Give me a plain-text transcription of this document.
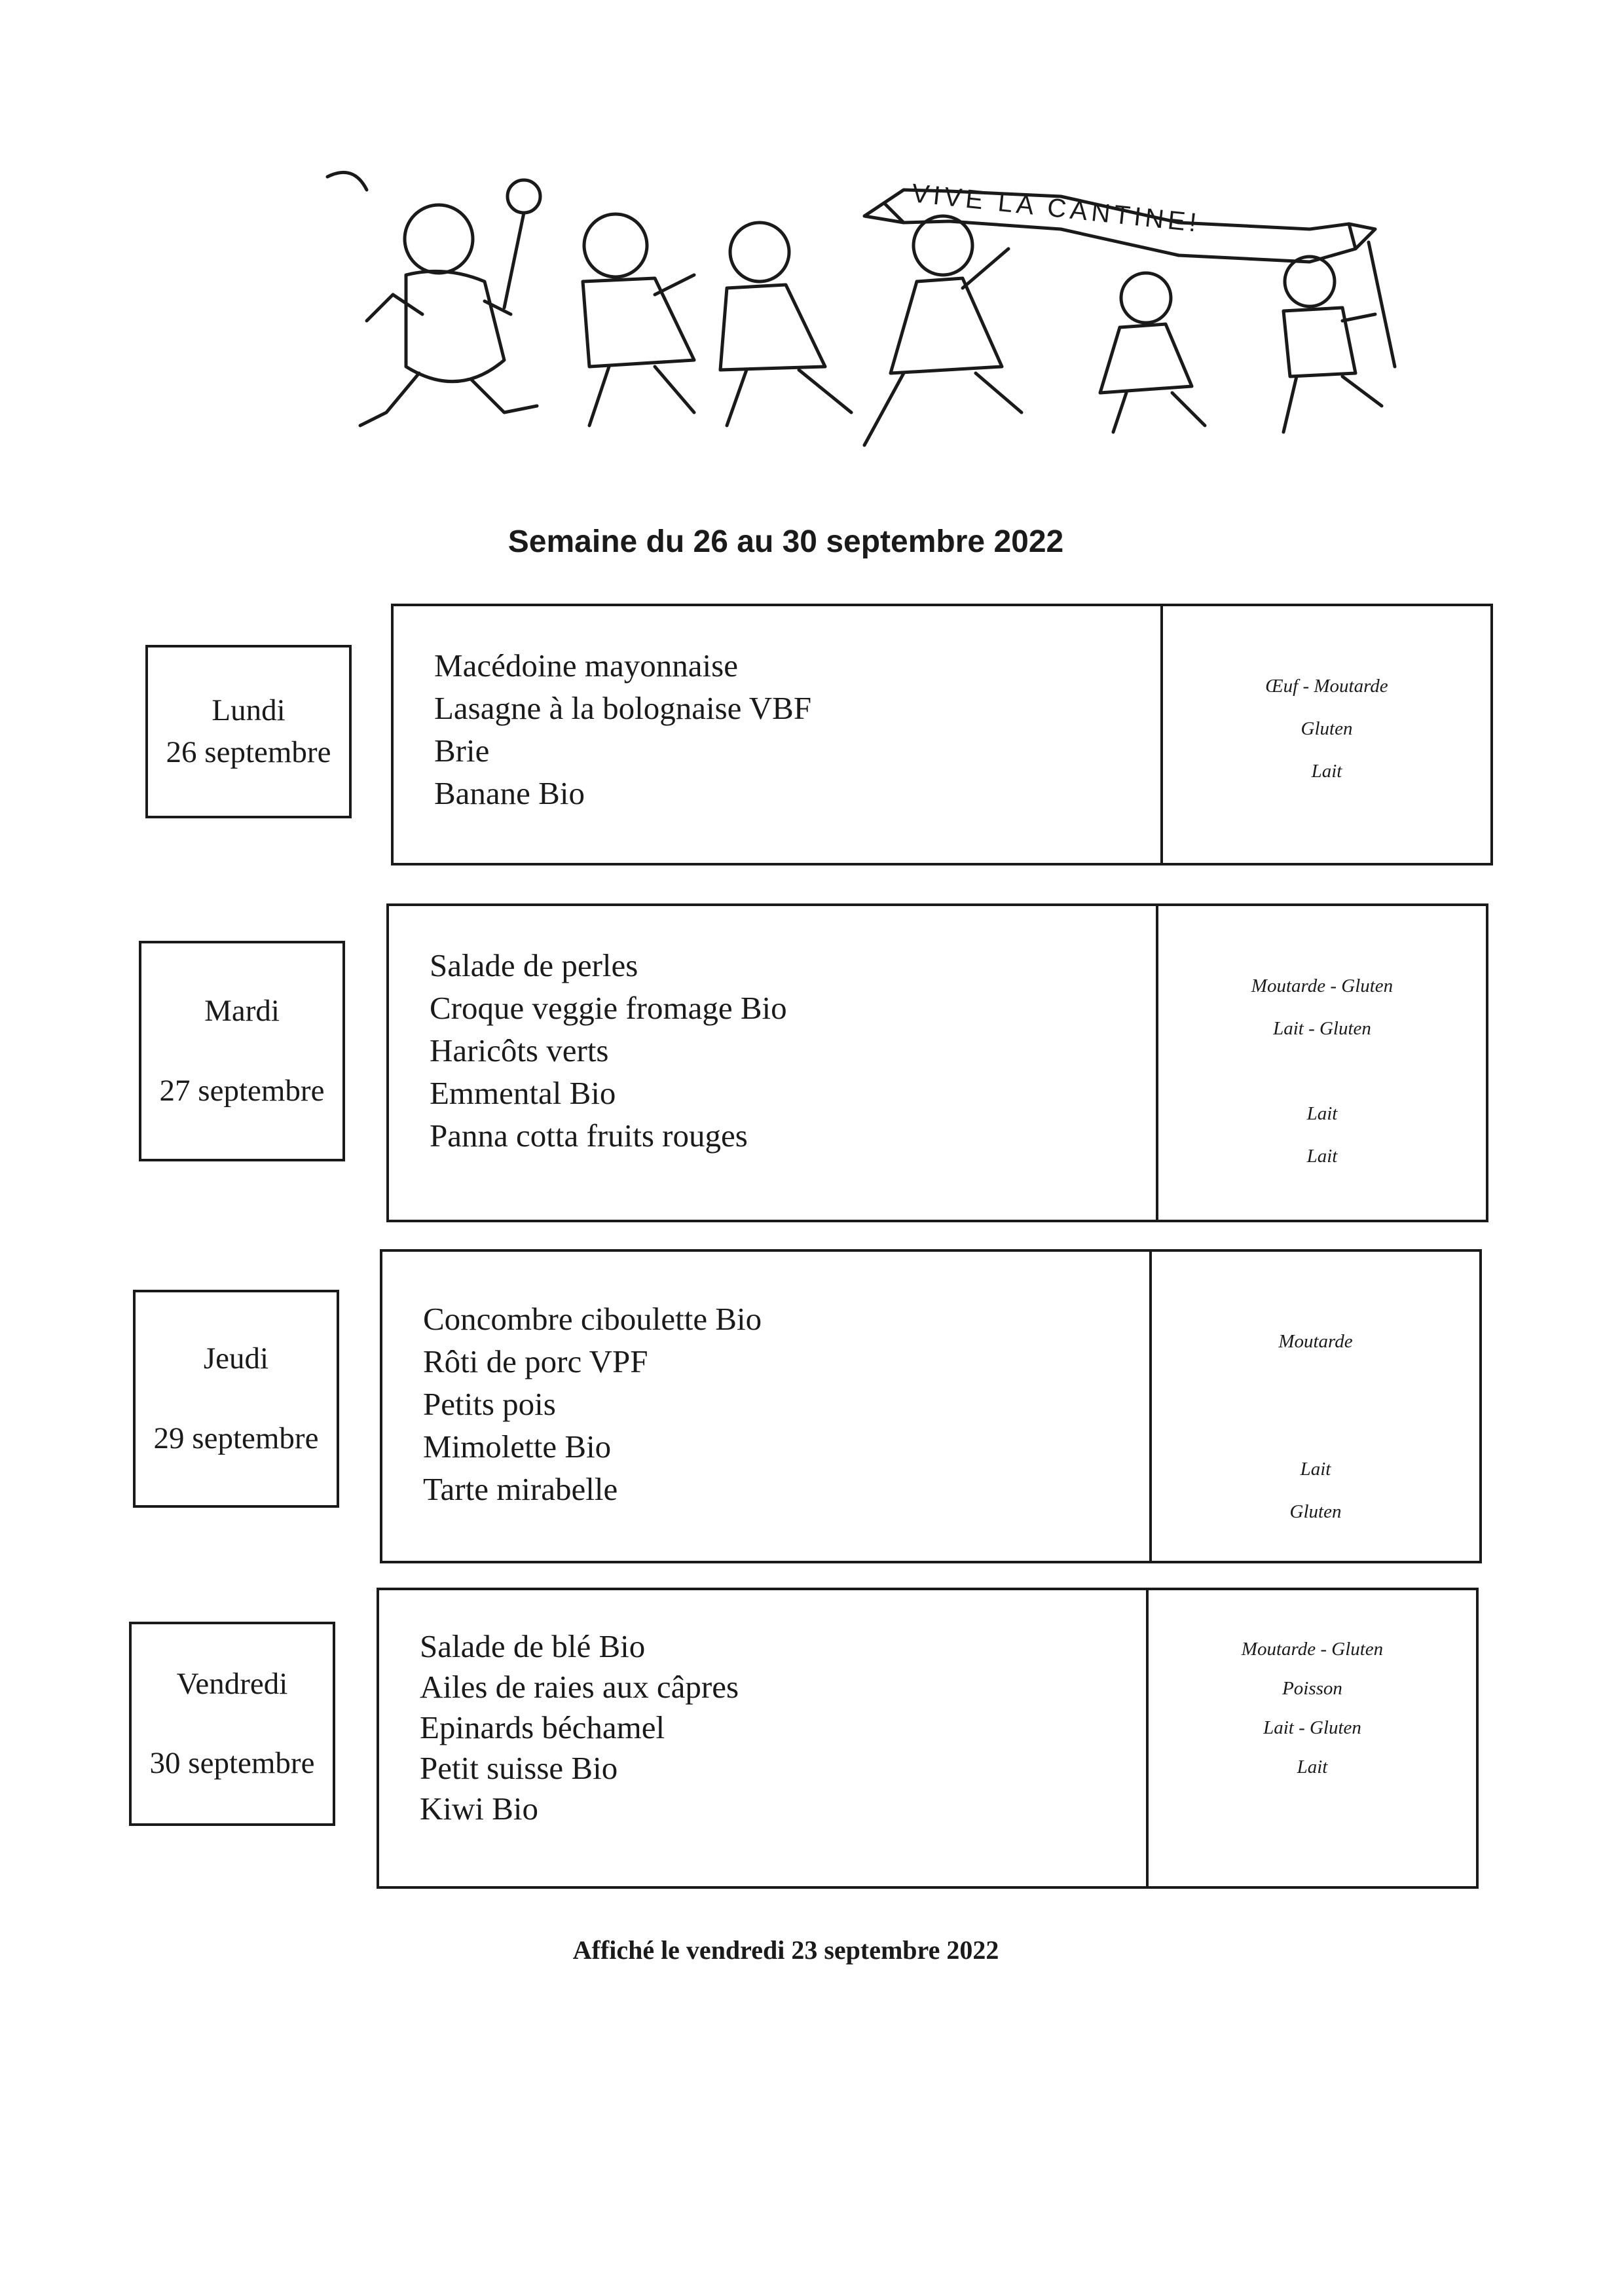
VIVE LA CANTINE!
Semaine du 26 au 30 septembre 2022
Lundi
26 septembre
Macédoine mayonnaise
Lasagne à la bolognaise VBF
Brie
Banane Bio
Œuf - Moutarde
Gluten
Lait
Mardi
27 septembre
Salade de perles
Croque veggie fromage Bio
Haricôts verts
Emmental Bio
Panna cotta fruits rouges
Moutarde - Gluten
Lait - Gluten
Lait
Lait
Jeudi
29 septembre
Concombre ciboulette Bio
Rôti de porc VPF
Petits pois
Mimolette Bio
Tarte mirabelle
Moutarde
Lait
Gluten
Vendredi
30 septembre
Salade de blé Bio
Ailes de raies aux câpres
Epinards béchamel
Petit suisse Bio
Kiwi Bio
Moutarde - Gluten
Poisson
Lait - Gluten
Lait
Affiché le vendredi 23 septembre 2022
